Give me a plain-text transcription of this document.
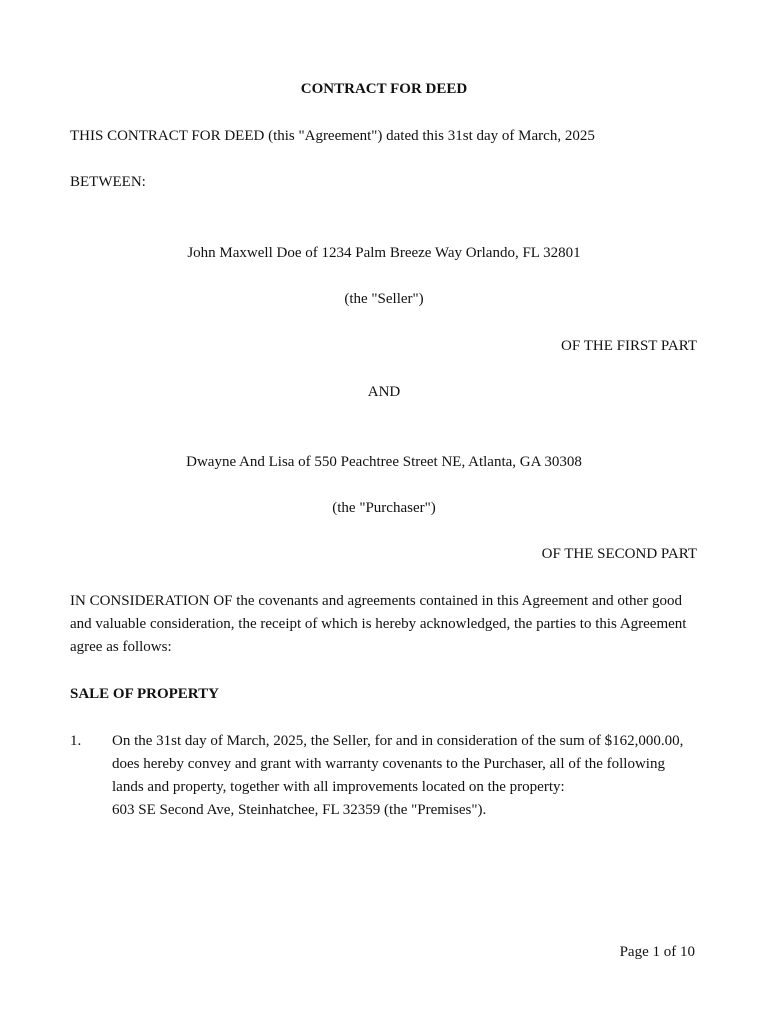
CONTRACT FOR DEED
THIS CONTRACT FOR DEED (this "Agreement") dated this 31st day of March, 2025
BETWEEN:
John Maxwell Doe of 1234 Palm Breeze Way Orlando, FL 32801
(the "Seller")
OF THE FIRST PART
AND
Dwayne And Lisa of 550 Peachtree Street NE, Atlanta, GA 30308
(the "Purchaser")
OF THE SECOND PART
IN CONSIDERATION OF the covenants and agreements contained in this Agreement and other good
and valuable consideration, the receipt of which is hereby acknowledged, the parties to this Agreement
agree as follows:
SALE OF PROPERTY
1. On the 31st day of March, 2025, the Seller, for and in consideration of the sum of $162,000.00,
does hereby convey and grant with warranty covenants to the Purchaser, all of the following
lands and property, together with all improvements located on the property:
603 SE Second Ave, Steinhatchee, FL 32359 (the "Premises").
Page 1 of 10
